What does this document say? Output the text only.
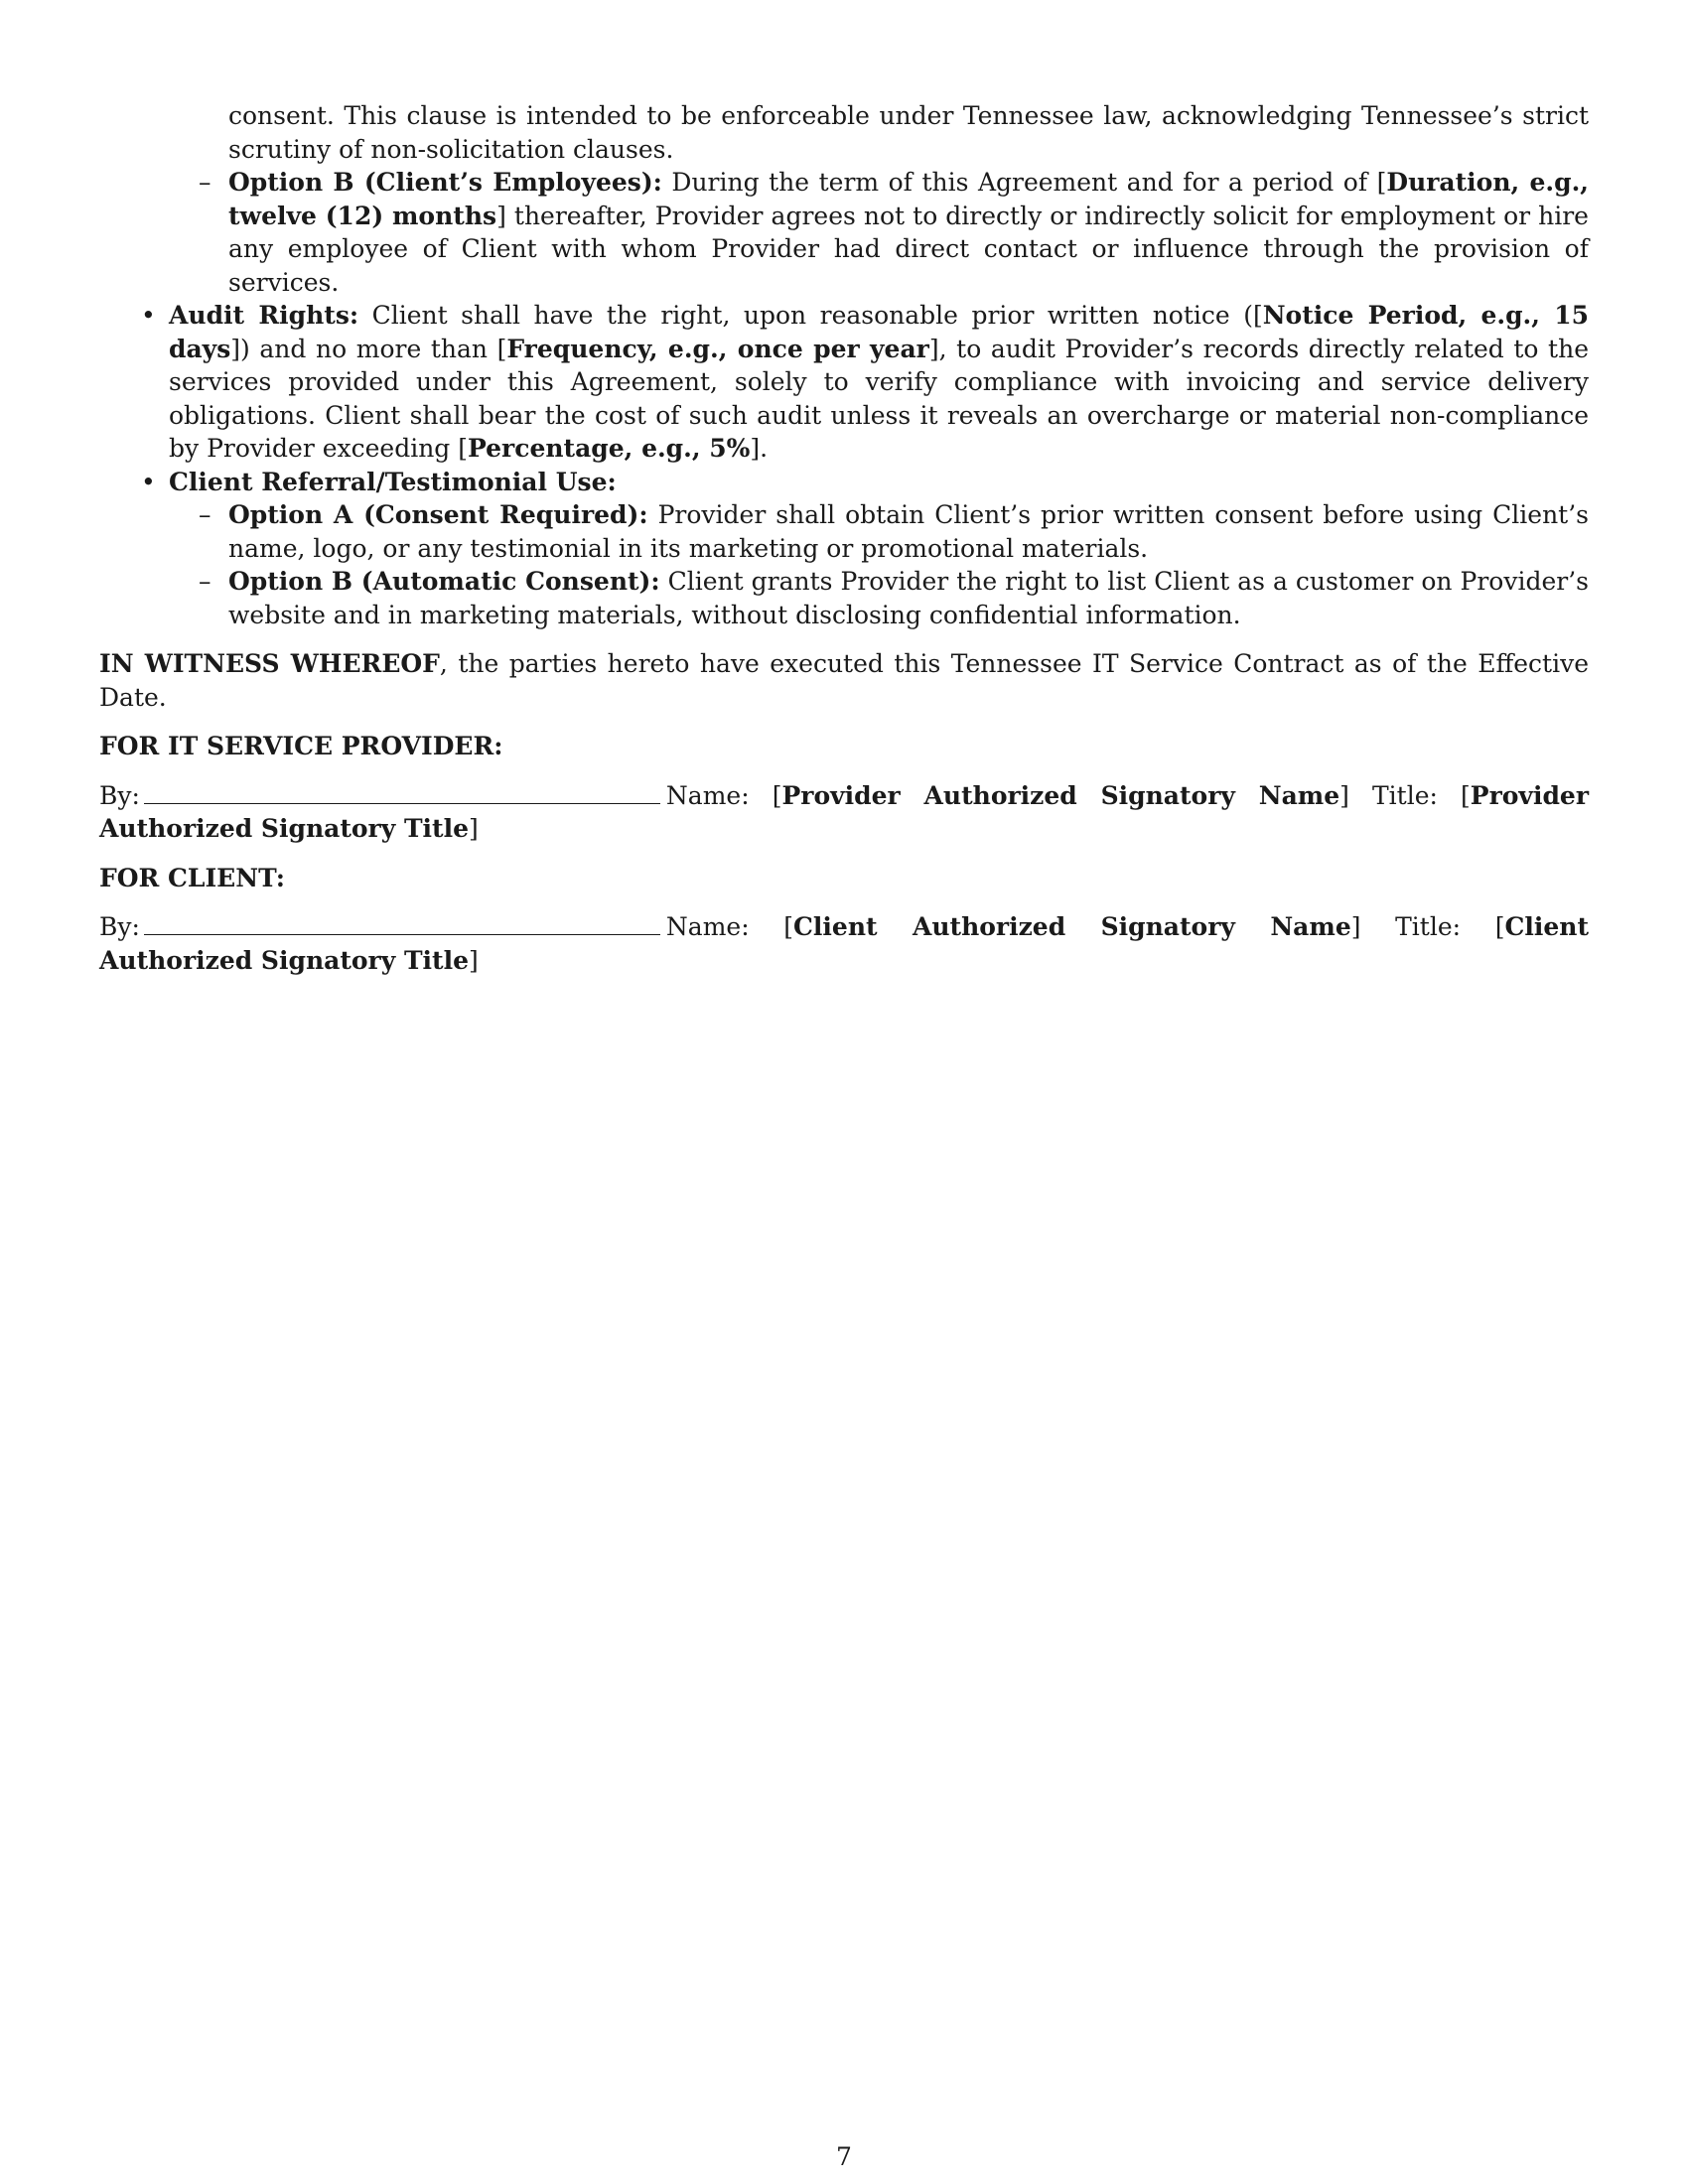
consent. This clause is intended to be enforceable under Tennessee law, acknowledging Tennessee’s strict scrutiny of non-solicitation clauses.
– Option B (Client’s Employees): During the term of this Agreement and for a period of [Duration, e.g., twelve (12) months] thereafter, Provider agrees not to directly or indirectly solicit for employment or hire any employee of Client with whom Provider had direct contact or influence through the provision of services.
• Audit Rights: Client shall have the right, upon reasonable prior written notice ([Notice Period, e.g., 15 days]) and no more than [Frequency, e.g., once per year], to audit Provider’s records directly related to the services provided under this Agreement, solely to verify compliance with invoicing and service delivery obligations. Client shall bear the cost of such audit unless it reveals an overcharge or material non-compliance by Provider exceeding [Percentage, e.g., 5%].
• Client Referral/Testimonial Use:
– Option A (Consent Required): Provider shall obtain Client’s prior written consent before using Client’s name, logo, or any testimonial in its marketing or promotional materials.
– Option B (Automatic Consent): Client grants Provider the right to list Client as a customer on Provider’s website and in marketing materials, without disclosing confidential information.
IN WITNESS WHEREOF, the parties hereto have executed this Tennessee IT Service Contract as of the Effective Date.
FOR IT SERVICE PROVIDER:
By:	Name: [Provider Authorized Signatory Name] Title: [Provider Authorized Signatory Title]
FOR CLIENT:
By:	Name: [Client Authorized Signatory Name] Title: [Client Authorized Signatory Title]
7
